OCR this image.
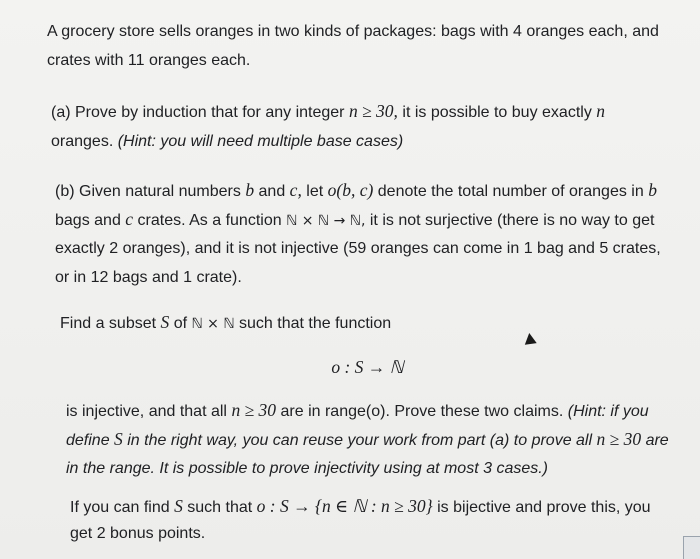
A grocery store sells oranges in two kinds of packages: bags with 4 oranges each, and
crates with 11 oranges each.
(a) Prove by induction that for any integer n ≥ 30, it is possible to buy exactly n
oranges. (Hint: you will need multiple base cases)
(b) Given natural numbers b and c, let o(b, c) denote the total number of oranges in b
bags and c crates. As a function ℕ × ℕ → ℕ, it is not surjective (there is no way to get
exactly 2 oranges), and it is not injective (59 oranges can come in 1 bag and 5 crates,
or in 12 bags and 1 crate).
Find a subset S of ℕ × ℕ such that the function
o : S → ℕ
is injective, and that all n ≥ 30 are in range(o). Prove these two claims. (Hint: if you
define S in the right way, you can reuse your work from part (a) to prove all n ≥ 30 are
in the range. It is possible to prove injectivity using at most 3 cases.)
If you can find S such that o : S → {n ∈ ℕ : n ≥ 30} is bijective and prove this, you
get 2 bonus points.
